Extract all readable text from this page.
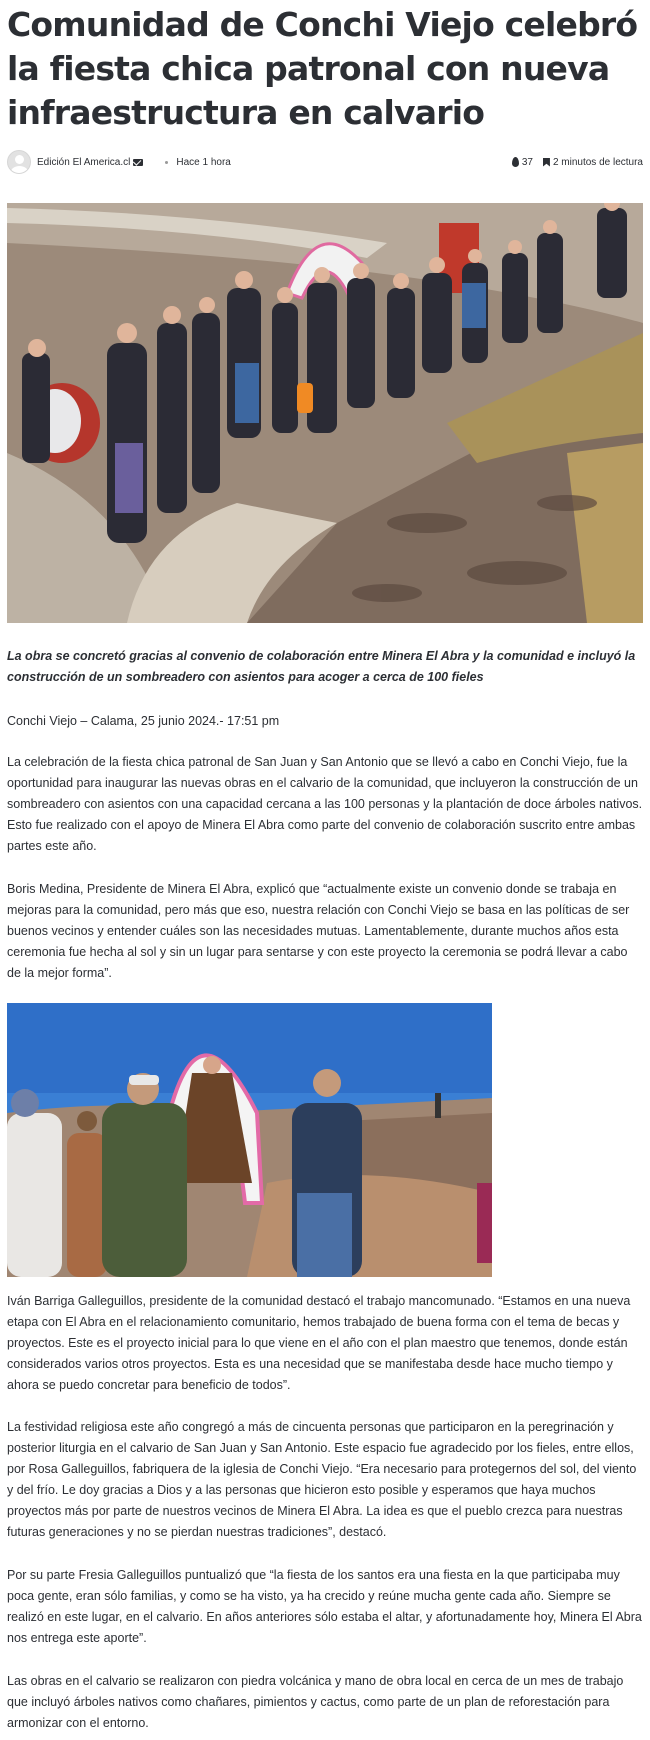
Comunidad de Conchi Viejo celebró la fiesta chica patronal con nueva infraestructura en calvario
Edición El America.cl	Hace 1 hora	37 2 minutos de lectura

La obra se concretó gracias al convenio de colaboración entre Minera El Abra y la comunidad e incluyó la construcción de un sombreadero con asientos para acoger a cerca de 100 fieles

Conchi Viejo – Calama, 25 junio 2024.- 17:51 pm

La celebración de la fiesta chica patronal de San Juan y San Antonio que se llevó a cabo en Conchi Viejo, fue la oportunidad para inaugurar las nuevas obras en el calvario de la comunidad, que incluyeron la construcción de un sombreadero con asientos con una capacidad cercana a las 100 personas y la plantación de doce árboles nativos. Esto fue realizado con el apoyo de Minera El Abra como parte del convenio de colaboración suscrito entre ambas partes este año.

Boris Medina, Presidente de Minera El Abra, explicó que “actualmente existe un convenio donde se trabaja en mejoras para la comunidad, pero más que eso, nuestra relación con Conchi Viejo se basa en las políticas de ser buenos vecinos y entender cuáles son las necesidades mutuas. Lamentablemente, durante muchos años esta ceremonia fue hecha al sol y sin un lugar para sentarse y con este proyecto la ceremonia se podrá llevar a cabo de la mejor forma”.

Iván Barriga Galleguillos, presidente de la comunidad destacó el trabajo mancomunado. “Estamos en una nueva etapa con El Abra en el relacionamiento comunitario, hemos trabajado de buena forma con el tema de becas y proyectos. Este es el proyecto inicial para lo que viene en el año con el plan maestro que tenemos, donde están considerados varios otros proyectos. Esta es una necesidad que se manifestaba desde hace mucho tiempo y ahora se puedo concretar para beneficio de todos”.

La festividad religiosa este año congregó a más de cincuenta personas que participaron en la peregrinación y posterior liturgia en el calvario de San Juan y San Antonio. Este espacio fue agradecido por los fieles, entre ellos, por Rosa Galleguillos, fabriquera de la iglesia de Conchi Viejo. “Era necesario para protegernos del sol, del viento y del frío. Le doy gracias a Dios y a las personas que hicieron esto posible y esperamos que haya muchos proyectos más por parte de nuestros vecinos de Minera El Abra. La idea es que el pueblo crezca para nuestras futuras generaciones y no se pierdan nuestras tradiciones”, destacó.

Por su parte Fresia Galleguillos puntualizó que “la fiesta de los santos era una fiesta en la que participaba muy poca gente, eran sólo familias, y como se ha visto, ya ha crecido y reúne mucha gente cada año. Siempre se realizó en este lugar, en el calvario. En años anteriores sólo estaba el altar, y afortunadamente hoy, Minera El Abra nos entrega este aporte”.

Las obras en el calvario se realizaron con piedra volcánica y mano de obra local en cerca de un mes de trabajo que incluyó árboles nativos como chañares, pimientos y cactus, como parte de un plan de reforestación para armonizar con el entorno.
